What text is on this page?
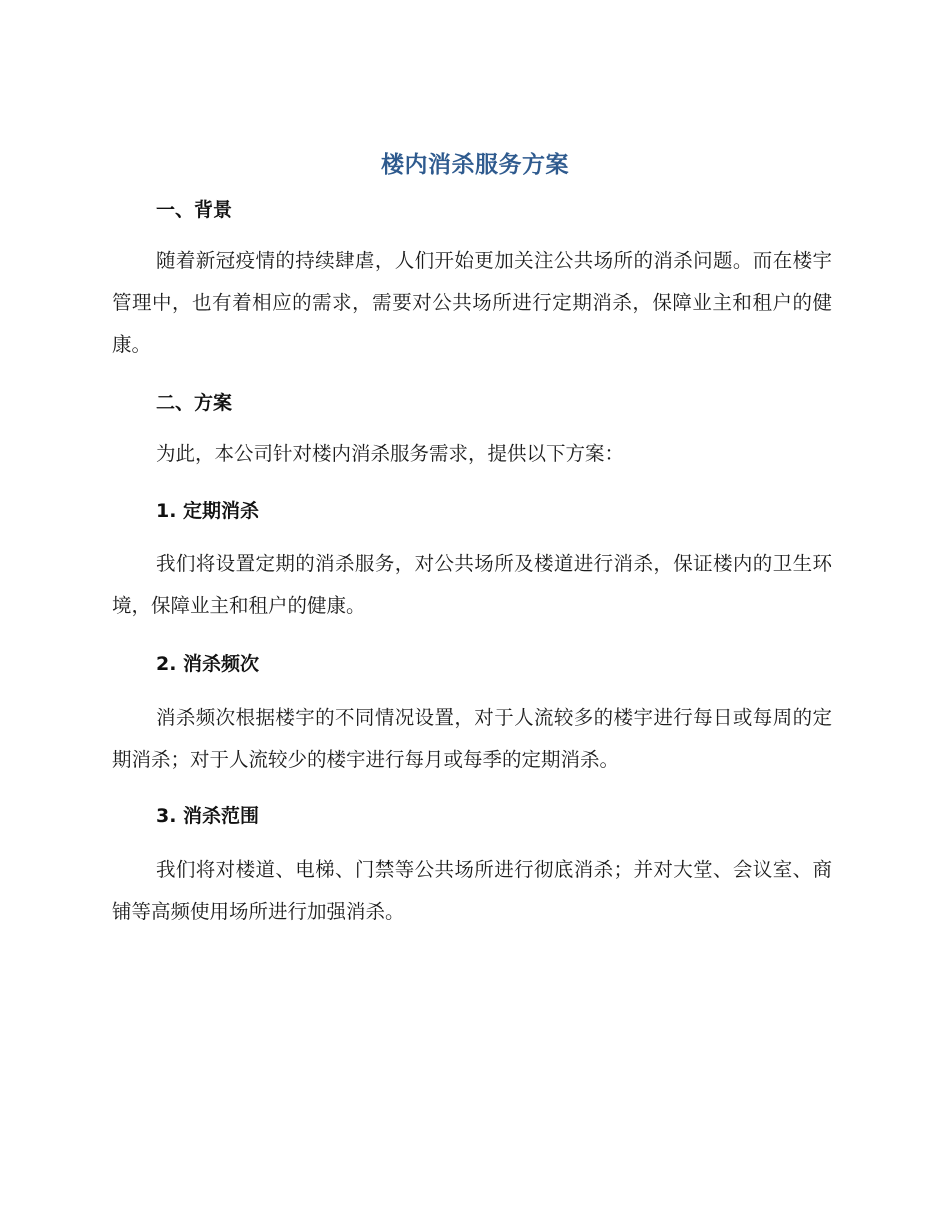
楼内消杀服务方案
一、背景
随着新冠疫情的持续肆虐，人们开始更加关注公共场所的消杀问题。而在楼宇管理中，也有着相应的需求，需要对公共场所进行定期消杀，保障业主和租户的健康。
二、方案
为此，本公司针对楼内消杀服务需求，提供以下方案：
1. 定期消杀
我们将设置定期的消杀服务，对公共场所及楼道进行消杀，保证楼内的卫生环境，保障业主和租户的健康。
2. 消杀频次
消杀频次根据楼宇的不同情况设置，对于人流较多的楼宇进行每日或每周的定期消杀；对于人流较少的楼宇进行每月或每季的定期消杀。
3. 消杀范围
我们将对楼道、电梯、门禁等公共场所进行彻底消杀；并对大堂、会议室、商铺等高频使用场所进行加强消杀。
